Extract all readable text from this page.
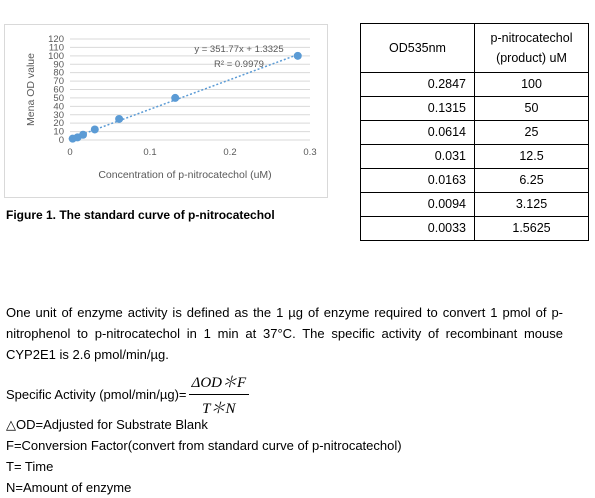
0
10
20
30
40
50
60
70
80
90
100
110
120
0	0.1	0.2	0.3
y = 351.77x + 1.3325
R² = 0.9979
Concentration of p-nitrocatechol (uM)
Mena OD value
Figure 1. The standard curve of p-nitrocatechol
OD535nm	p-nitrocatechol
(product) uM
0.2847	100
0.1315	50
0.0614	25
0.031	12.5
0.0163	6.25
0.0094	3.125
0.0033	1.5625

One unit of enzyme activity is defined as the 1 µg of enzyme required to convert 1 pmol of p-nitrophenol to p-nitrocatechol in 1 min at 37°C. The specific activity of recombinant mouse CYP2E1 is 2.6 pmol/min/µg.

Specific Activity (pmol/min/µg)= $\frac{\text{ΔOD＊F}}{T*N}$
△OD=Adjusted for Substrate Blank
F=Conversion Factor(convert from standard curve of p-nitrocatechol)
T= Time
N=Amount of enzyme
